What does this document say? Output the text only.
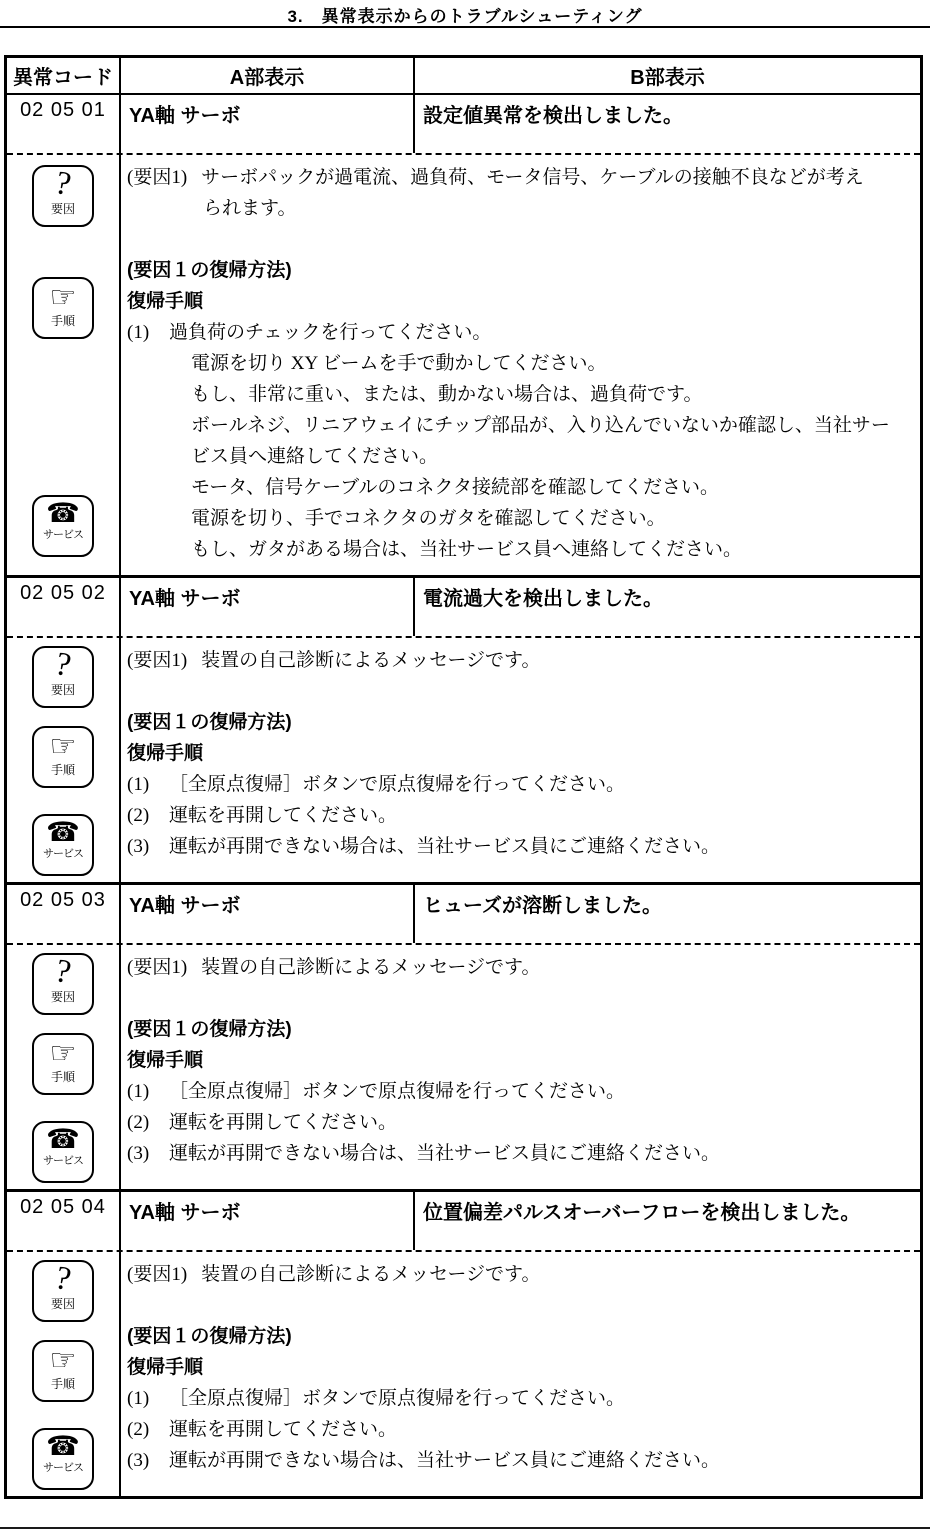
3.　異常表示からのトラブルシューティング
異常コード	A部表示	B部表示
02 05 01	YA軸 サーボ	設定値異常を検出しました。
?
要因
☞
手順
☎
サービス
(要因1) サーボパックが過電流、過負荷、モータ信号、ケーブルの接触不良などが考え
られます。
(要因１の復帰方法)
復帰手順
(1) 過負荷のチェックを行ってください。
電源を切り XY ビームを手で動かしてください。
もし、非常に重い、または、動かない場合は、過負荷です。
ボールネジ、リニアウェイにチップ部品が、入り込んでいないか確認し、当社サー
ビス員へ連絡してください。
モータ、信号ケーブルのコネクタ接続部を確認してください。
電源を切り、手でコネクタのガタを確認してください。
もし、ガタがある場合は、当社サービス員へ連絡してください。
02 05 02	YA軸 サーボ	電流過大を検出しました。
?
要因
☞
手順
☎
サービス
(要因1) 装置の自己診断によるメッセージです。
(要因１の復帰方法)
復帰手順
(1) ［全原点復帰］ボタンで原点復帰を行ってください。
(2) 運転を再開してください。
(3) 運転が再開できない場合は、当社サービス員にご連絡ください。
02 05 03	YA軸 サーボ	ヒューズが溶断しました。
?
要因
☞
手順
☎
サービス
(要因1) 装置の自己診断によるメッセージです。
(要因１の復帰方法)
復帰手順
(1) ［全原点復帰］ボタンで原点復帰を行ってください。
(2) 運転を再開してください。
(3) 運転が再開できない場合は、当社サービス員にご連絡ください。
02 05 04	YA軸 サーボ	位置偏差パルスオーバーフローを検出しました。
?
要因
☞
手順
☎
サービス
(要因1) 装置の自己診断によるメッセージです。
(要因１の復帰方法)
復帰手順
(1) ［全原点復帰］ボタンで原点復帰を行ってください。
(2) 運転を再開してください。
(3) 運転が再開できない場合は、当社サービス員にご連絡ください。
